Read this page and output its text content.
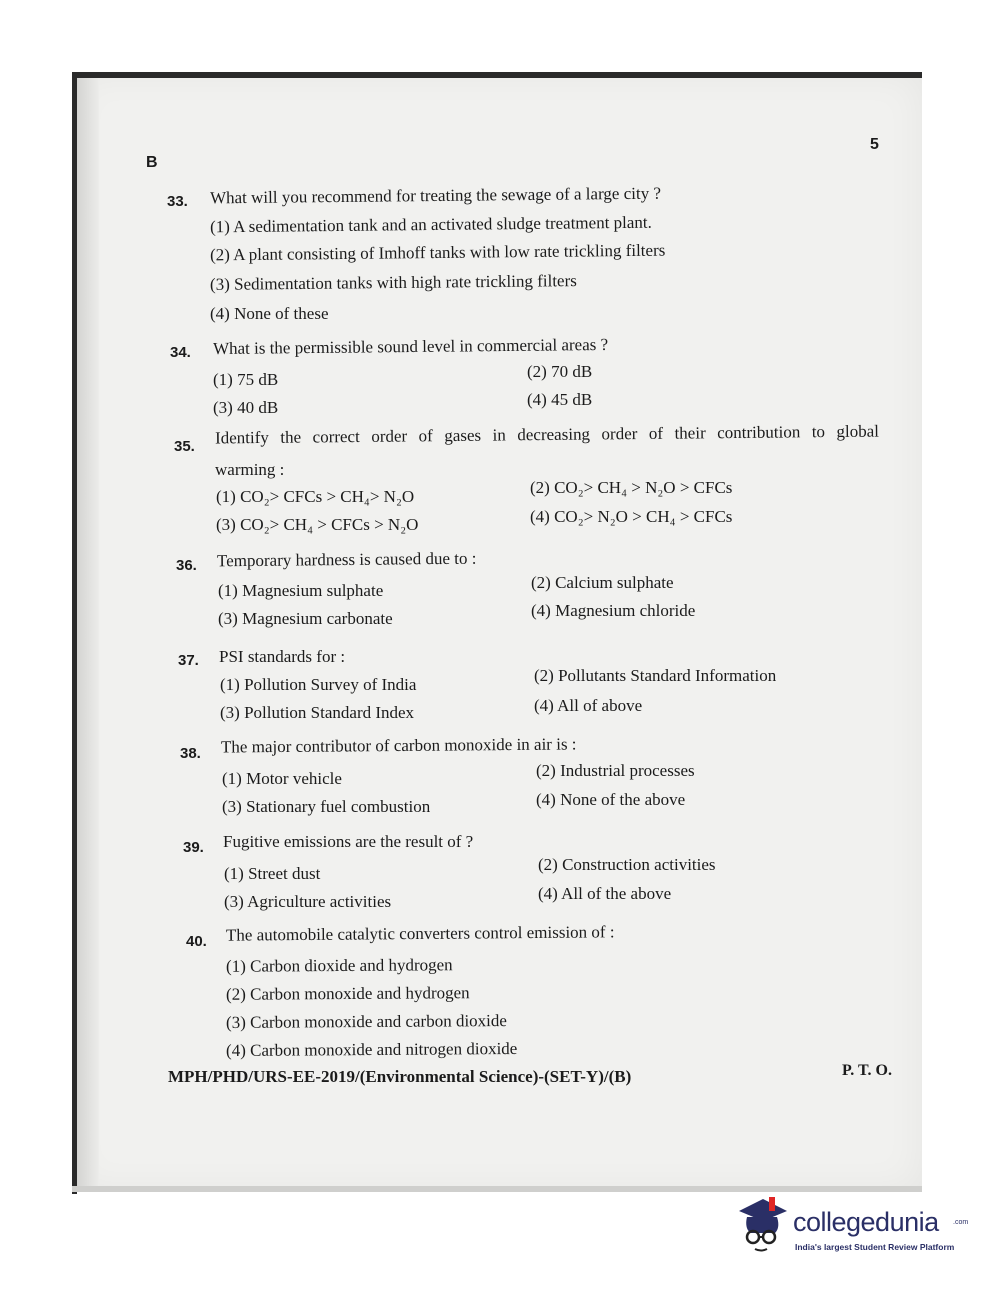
B
5
33. What will you recommend for treating the sewage of a large city ?
(1) A sedimentation tank and an activated sludge treatment plant.
(2) A plant consisting of Imhoff tanks with low rate trickling filters
(3) Sedimentation tanks with high rate trickling filters
(4) None of these
34. What is the permissible sound level in commercial areas ?
(1) 75 dB	(2) 70 dB
(3) 40 dB	(4) 45 dB
35. Identify the correct order of gases in decreasing order of their contribution to global
warming :
(1) CO₂> CFCs > CH₄> N₂O	(2) CO₂> CH₄ > N₂O > CFCs
(3) CO₂> CH₄ > CFCs > N₂O	(4) CO₂> N₂O > CH₄ > CFCs
36. Temporary hardness is caused due to :
(1) Magnesium sulphate	(2) Calcium sulphate
(3) Magnesium carbonate	(4) Magnesium chloride
37. PSI standards for :
(1) Pollution Survey of India	(2) Pollutants Standard Information
(3) Pollution Standard Index	(4) All of above
38. The major contributor of carbon monoxide in air is :
(1) Motor vehicle	(2) Industrial processes
(3) Stationary fuel combustion	(4) None of the above
39. Fugitive emissions are the result of ?
(1) Street dust	(2) Construction activities
(3) Agriculture activities	(4) All of the above
40. The automobile catalytic converters control emission of :
(1) Carbon dioxide and hydrogen
(2) Carbon monoxide and hydrogen
(3) Carbon monoxide and carbon dioxide
(4) Carbon monoxide and nitrogen dioxide
MPH/PHD/URS-EE-2019/(Environmental Science)-(SET-Y)/(B)	P. T. O.
collegedunia .com
India's largest Student Review Platform
